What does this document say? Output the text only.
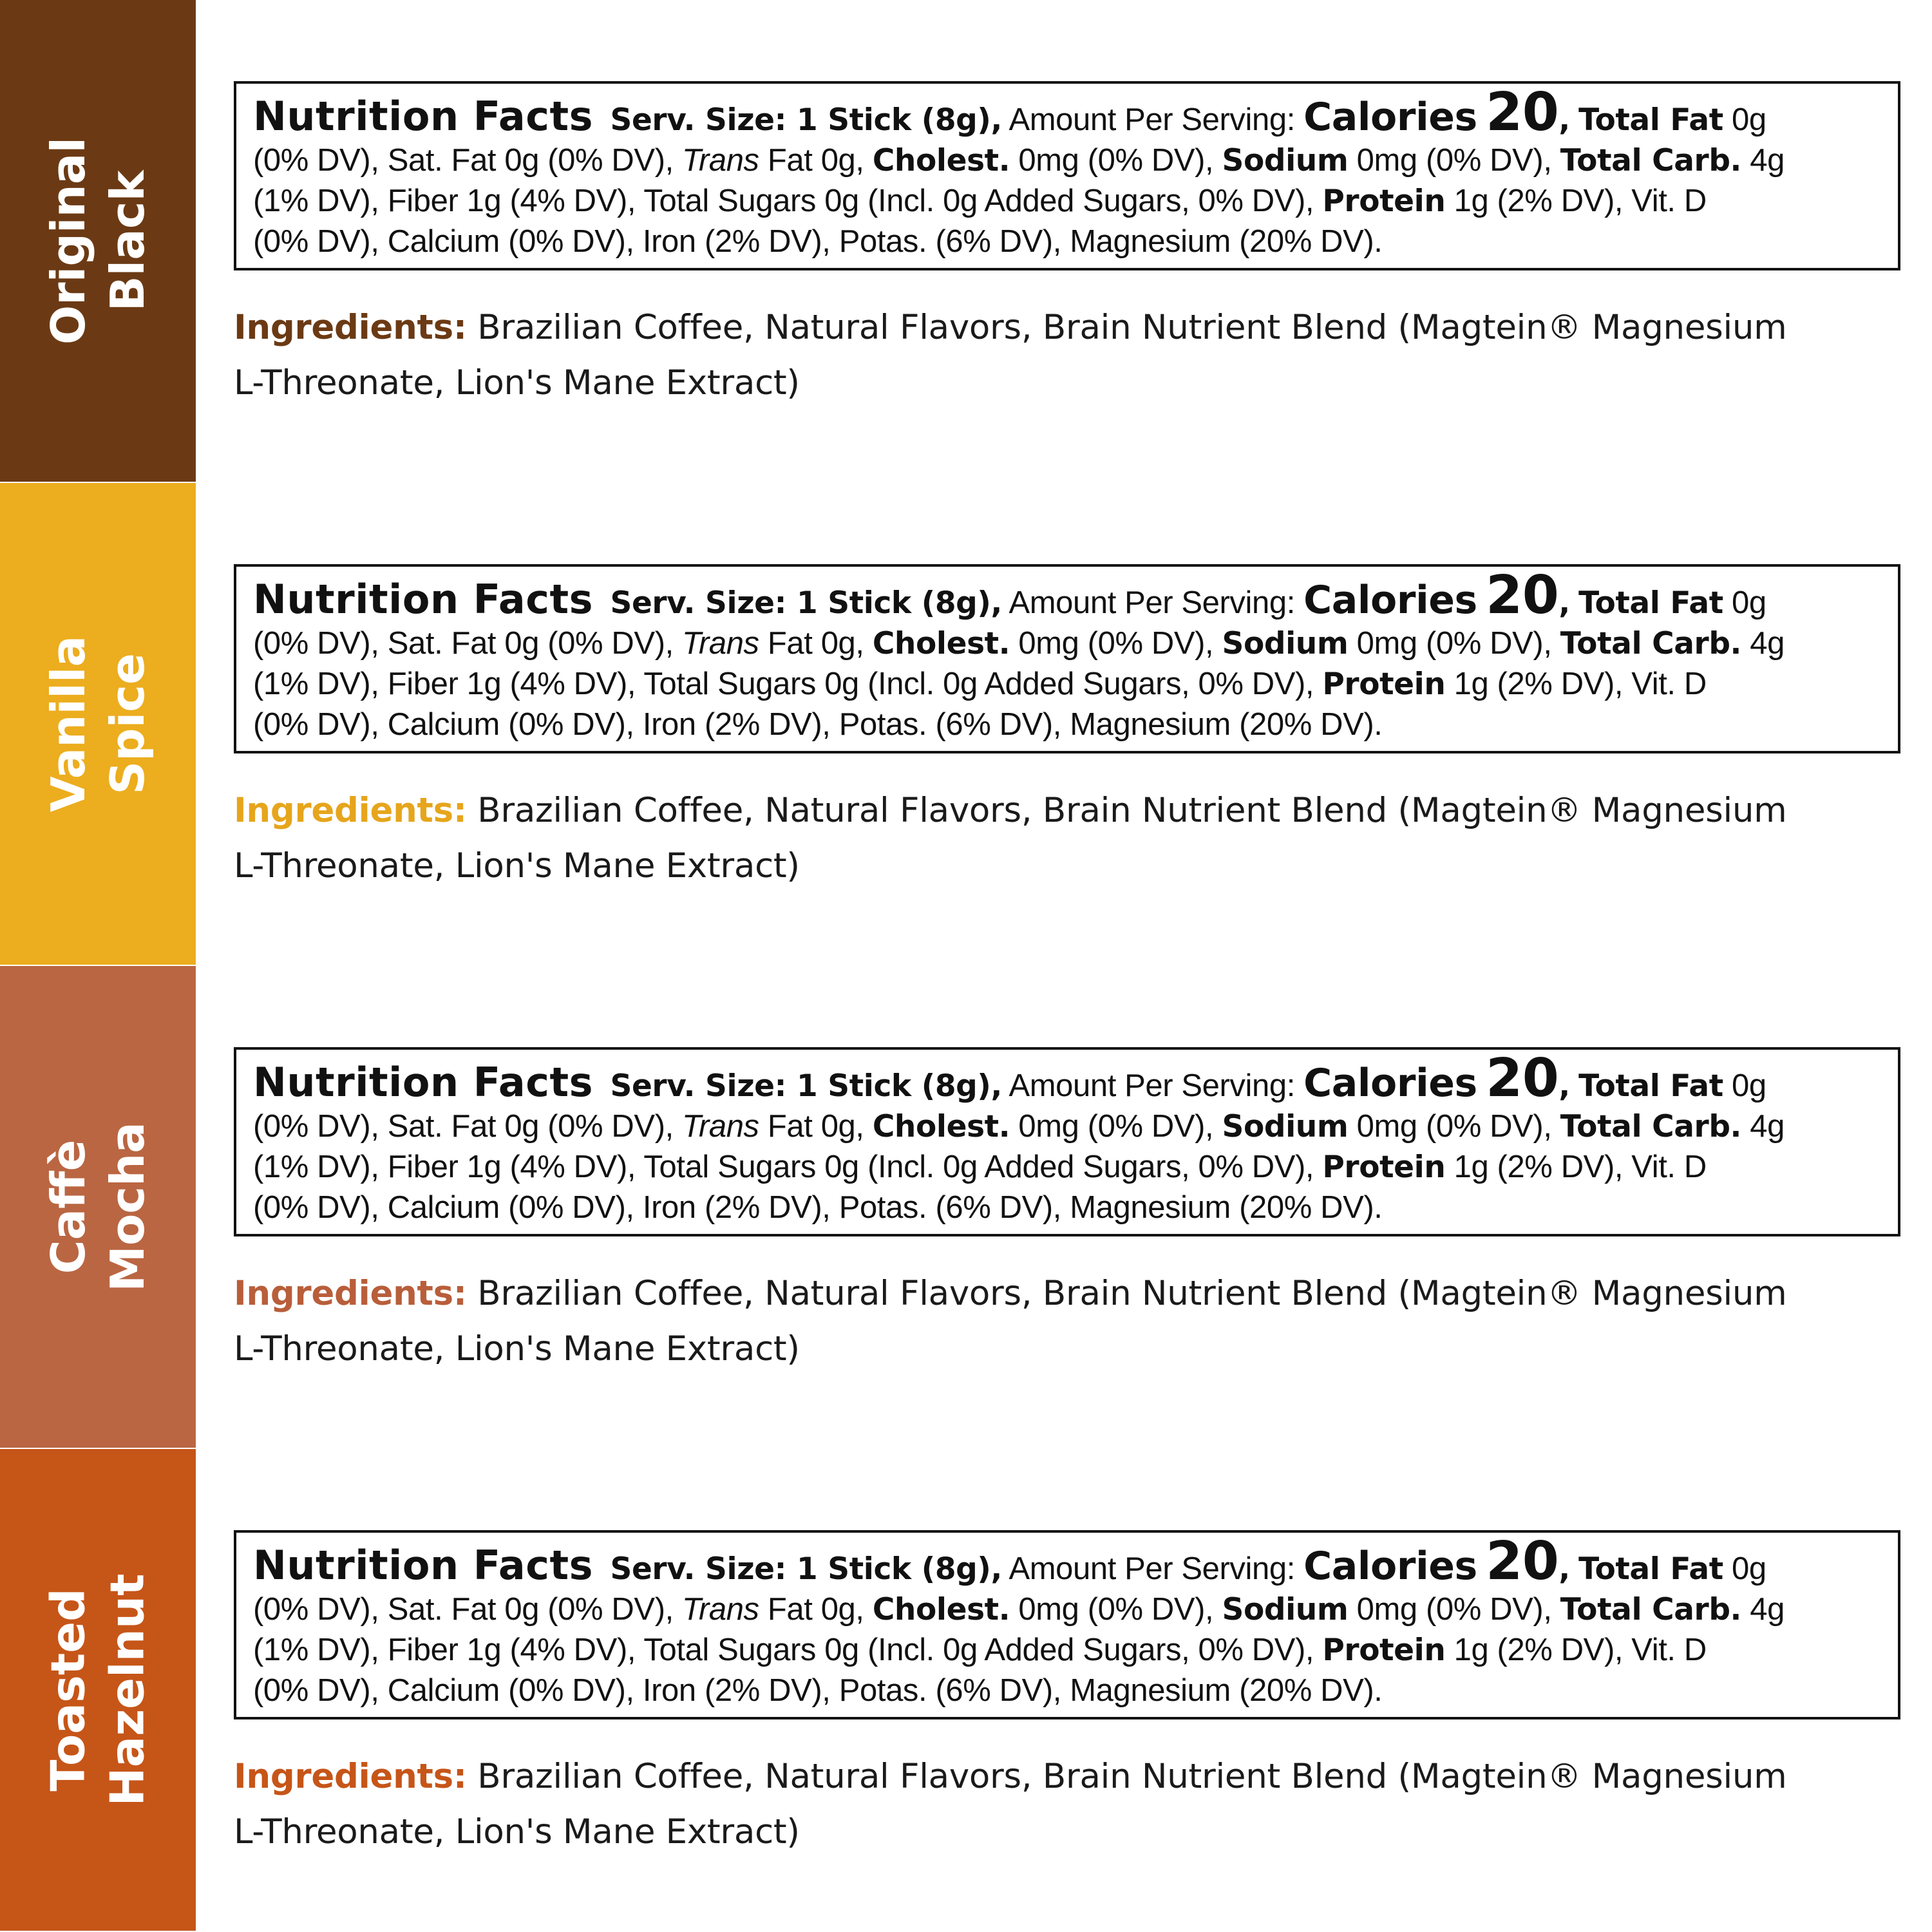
Original Black
Nutrition Facts Serv. Size: 1 Stick (8g), Amount Per Serving: Calories 20, Total Fat 0g
(0% DV), Sat. Fat 0g (0% DV), Trans Fat 0g, Cholest. 0mg (0% DV), Sodium 0mg (0% DV), Total Carb. 4g
(1% DV), Fiber 1g (4% DV), Total Sugars 0g (Incl. 0g Added Sugars, 0% DV), Protein 1g (2% DV), Vit. D
(0% DV), Calcium (0% DV), Iron (2% DV), Potas. (6% DV), Magnesium (20% DV).
Ingredients: Brazilian Coffee, Natural Flavors, Brain Nutrient Blend (Magtein® Magnesium
L-Threonate, Lion's Mane Extract)
Vanilla Spice
Nutrition Facts Serv. Size: 1 Stick (8g), Amount Per Serving: Calories 20, Total Fat 0g
(0% DV), Sat. Fat 0g (0% DV), Trans Fat 0g, Cholest. 0mg (0% DV), Sodium 0mg (0% DV), Total Carb. 4g
(1% DV), Fiber 1g (4% DV), Total Sugars 0g (Incl. 0g Added Sugars, 0% DV), Protein 1g (2% DV), Vit. D
(0% DV), Calcium (0% DV), Iron (2% DV), Potas. (6% DV), Magnesium (20% DV).
Ingredients: Brazilian Coffee, Natural Flavors, Brain Nutrient Blend (Magtein® Magnesium
L-Threonate, Lion's Mane Extract)
Caffè Mocha
Nutrition Facts Serv. Size: 1 Stick (8g), Amount Per Serving: Calories 20, Total Fat 0g
(0% DV), Sat. Fat 0g (0% DV), Trans Fat 0g, Cholest. 0mg (0% DV), Sodium 0mg (0% DV), Total Carb. 4g
(1% DV), Fiber 1g (4% DV), Total Sugars 0g (Incl. 0g Added Sugars, 0% DV), Protein 1g (2% DV), Vit. D
(0% DV), Calcium (0% DV), Iron (2% DV), Potas. (6% DV), Magnesium (20% DV).
Ingredients: Brazilian Coffee, Natural Flavors, Brain Nutrient Blend (Magtein® Magnesium
L-Threonate, Lion's Mane Extract)
Toasted Hazelnut
Nutrition Facts Serv. Size: 1 Stick (8g), Amount Per Serving: Calories 20, Total Fat 0g
(0% DV), Sat. Fat 0g (0% DV), Trans Fat 0g, Cholest. 0mg (0% DV), Sodium 0mg (0% DV), Total Carb. 4g
(1% DV), Fiber 1g (4% DV), Total Sugars 0g (Incl. 0g Added Sugars, 0% DV), Protein 1g (2% DV), Vit. D
(0% DV), Calcium (0% DV), Iron (2% DV), Potas. (6% DV), Magnesium (20% DV).
Ingredients: Brazilian Coffee, Natural Flavors, Brain Nutrient Blend (Magtein® Magnesium
L-Threonate, Lion's Mane Extract)
